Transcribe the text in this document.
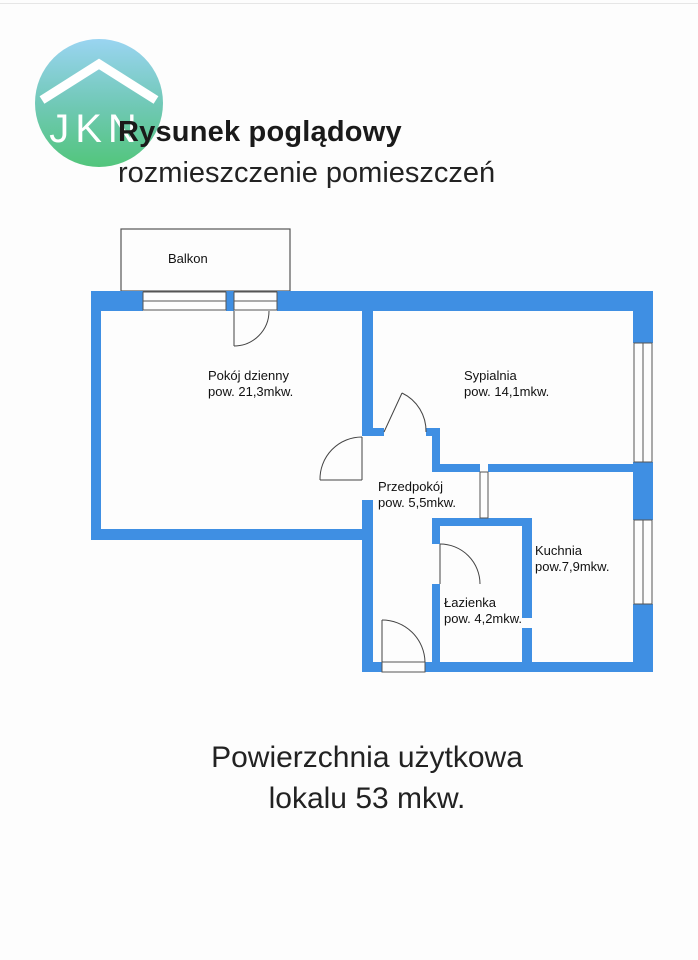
JKN
Rysunek poglądowy
rozmieszczenie pomieszczeń
Balkon
Pokój dzienny
pow. 21,3mkw.
Sypialnia
pow. 14,1mkw.
Przedpokój
pow. 5,5mkw.
Kuchnia
pow.7,9mkw.
Łazienka
pow. 4,2mkw.
Powierzchnia użytkowa
lokalu 53 mkw.
